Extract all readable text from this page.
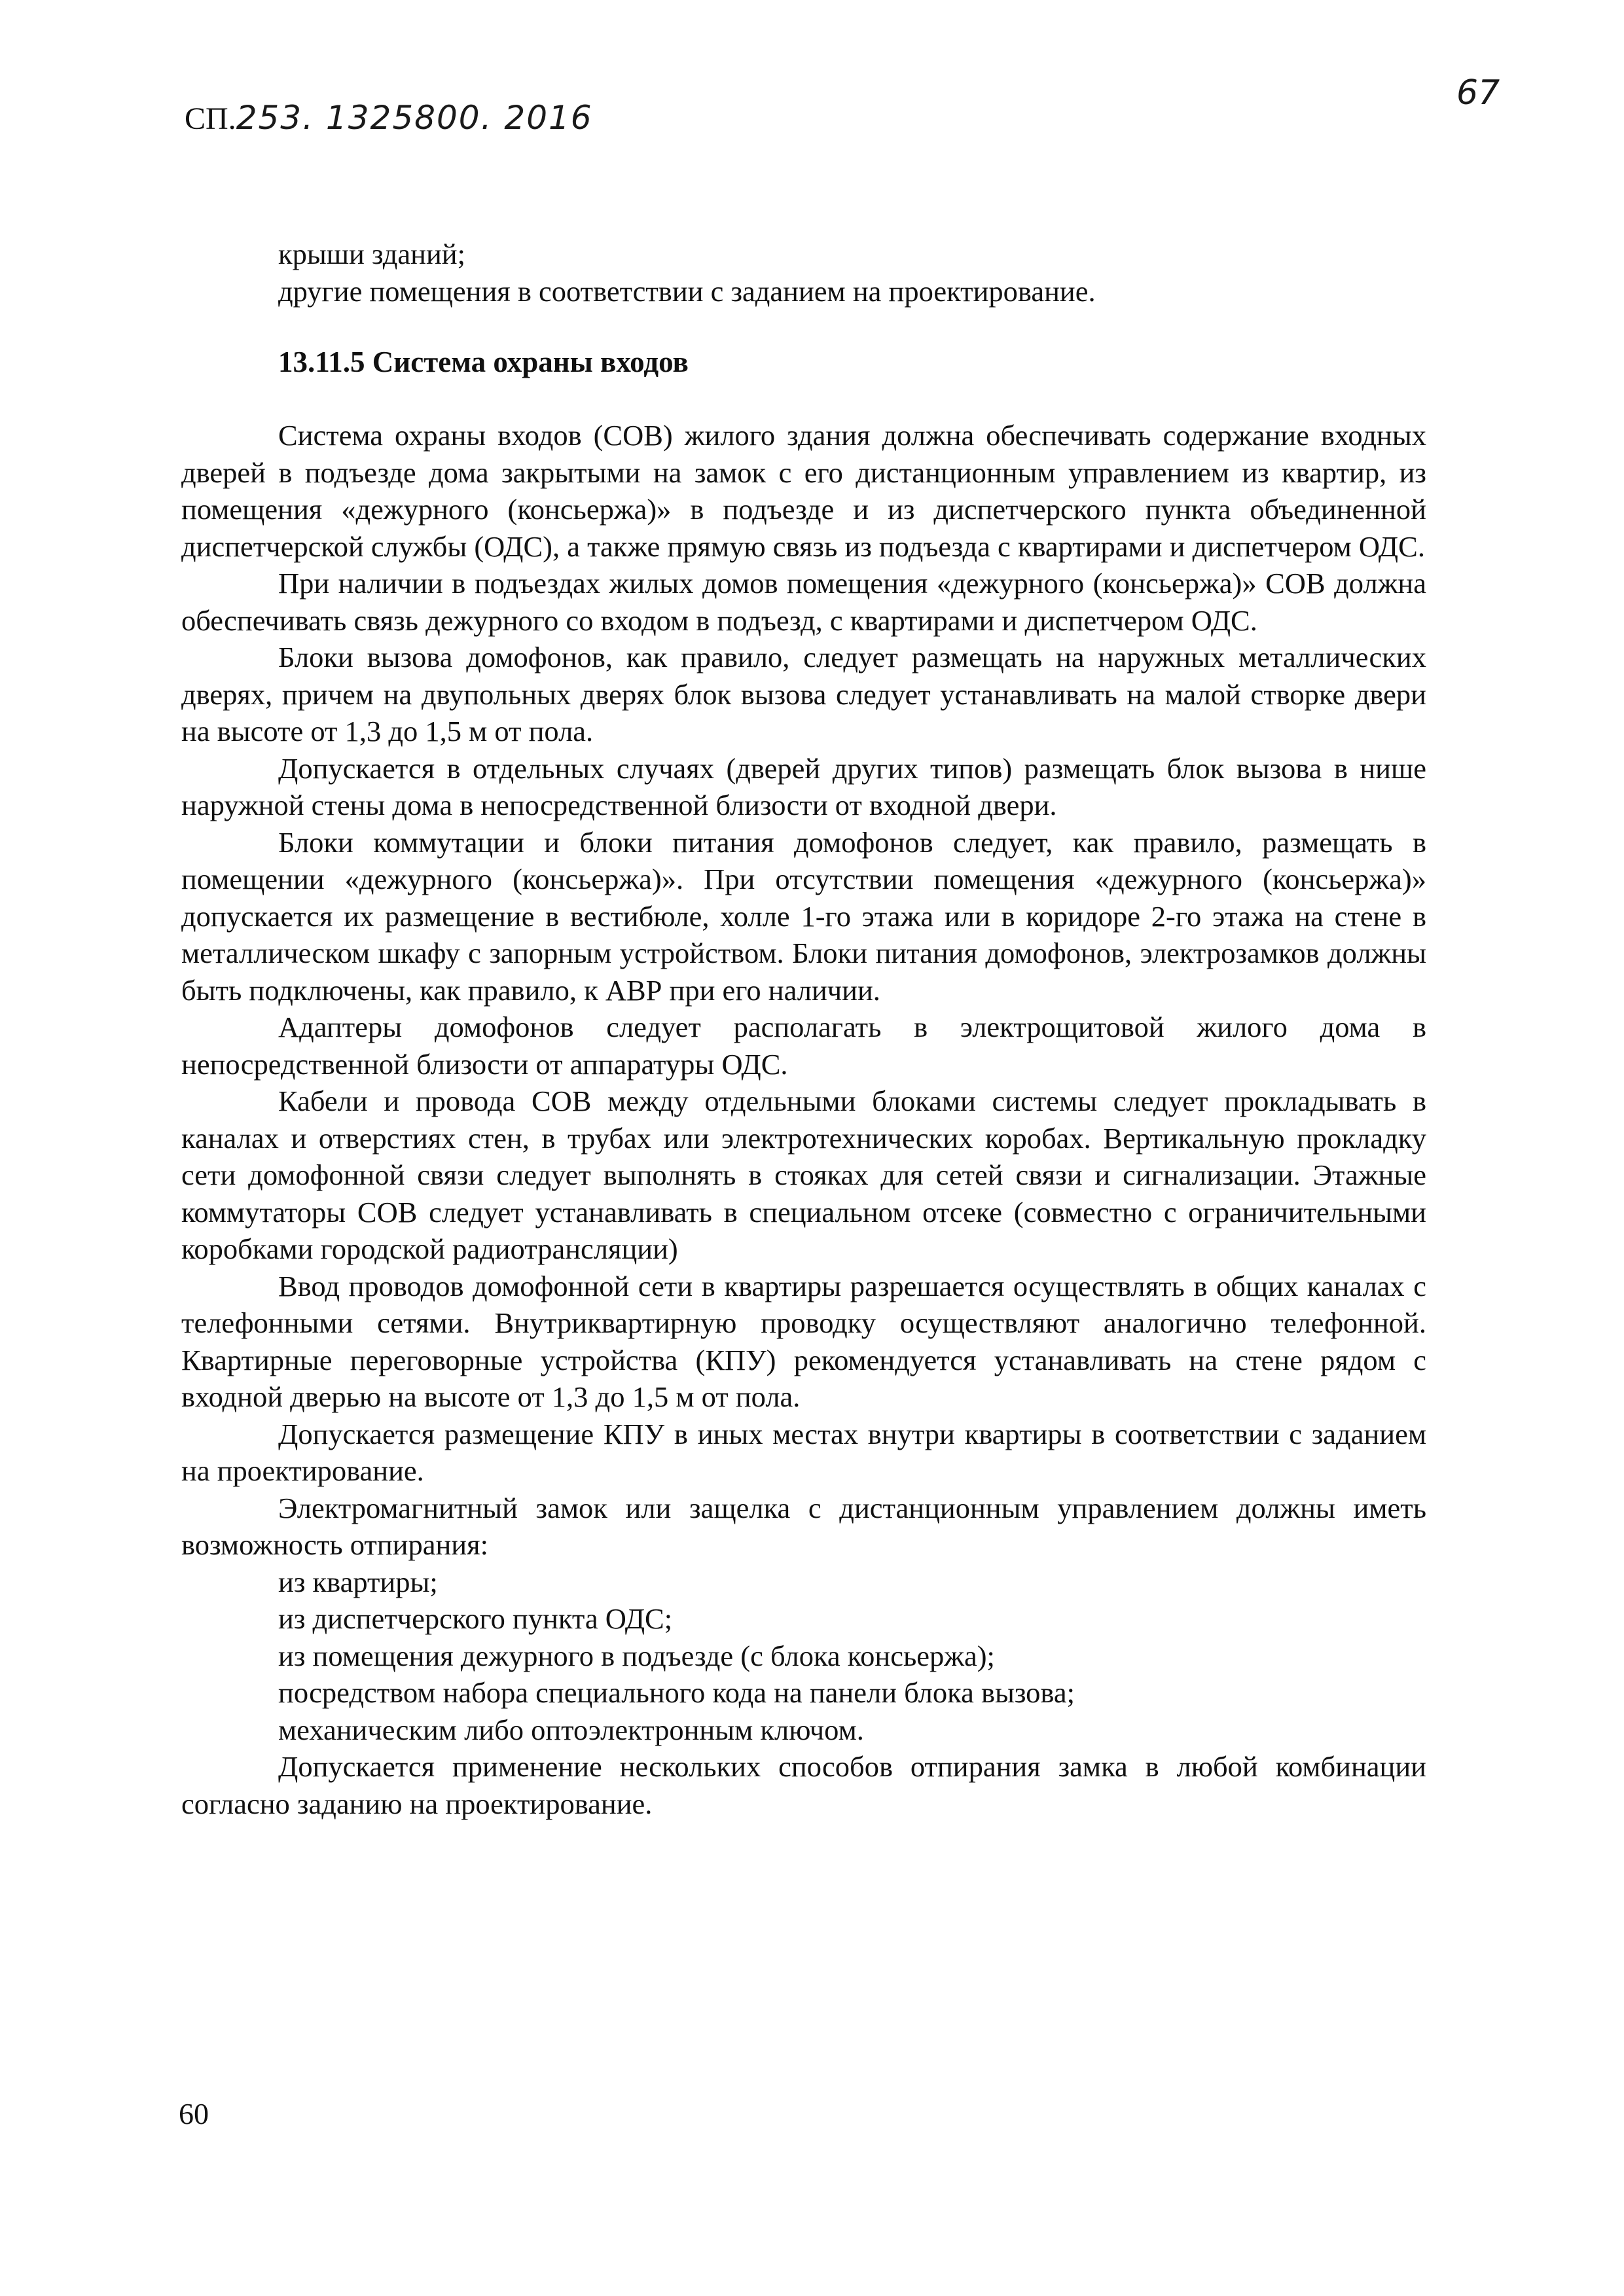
СП.253. 1325800. 2016
67

крыши зданий;

другие помещения в соответствии с заданием на проектирование.

13.11.5 Система охраны входов

Система охраны входов (СОВ) жилого здания должна обеспечивать содержание входных дверей в подъезде дома закрытыми на замок с его дистанционным управлением из квартир, из помещения «дежурного (консьержа)» в подъезде и из диспетчерского пункта объединенной диспетчерской службы (ОДС), а также прямую связь из подъезда с квартирами и диспетчером ОДС.

При наличии в подъездах жилых домов помещения «дежурного (консьержа)» СОВ должна обеспечивать связь дежурного со входом в подъезд, с квартирами и диспетчером ОДС.

Блоки вызова домофонов, как правило, следует размещать на наружных металлических дверях, причем на двупольных дверях блок вызова следует устанавливать на малой створке двери на высоте от 1,3 до 1,5 м от пола.

Допускается в отдельных случаях (дверей других типов) размещать блок вызова в нише наружной стены дома в непосредственной близости от входной двери.

Блоки коммутации и блоки питания домофонов следует, как правило, размещать в помещении «дежурного (консьержа)». При отсутствии помещения «дежурного (консьержа)» допускается их размещение в вестибюле, холле 1-го этажа или в коридоре 2-го этажа на стене в металлическом шкафу с запорным устройством. Блоки питания домофонов, электрозамков должны быть подключены, как правило, к АВР при его наличии.

Адаптеры домофонов следует располагать в электрощитовой жилого дома в непосредственной близости от аппаратуры ОДС.

Кабели и провода СОВ между отдельными блоками системы следует прокладывать в каналах и отверстиях стен, в трубах или электротехнических коробах. Вертикальную прокладку сети домофонной связи следует выполнять в стояках для сетей связи и сигнализации. Этажные коммутаторы СОВ следует устанавливать в специальном отсеке (совместно с ограничительными коробками городской радиотрансляции)

Ввод проводов домофонной сети в квартиры разрешается осуществлять в общих каналах с телефонными сетями. Внутриквартирную проводку осуществляют аналогично телефонной. Квартирные переговорные устройства (КПУ) рекомендуется устанавливать на стене рядом с входной дверью на высоте от 1,3 до 1,5 м от пола.

Допускается размещение КПУ в иных местах внутри квартиры в соответствии с заданием на проектирование.

Электромагнитный замок или защелка с дистанционным управлением должны иметь возможность отпирания:

из квартиры;

из диспетчерского пункта ОДС;

из помещения дежурного в подъезде (с блока консьержа);

посредством набора специального кода на панели блока вызова;

механическим либо оптоэлектронным ключом.

Допускается применение нескольких способов отпирания замка в любой комбинации согласно заданию на проектирование.

60
